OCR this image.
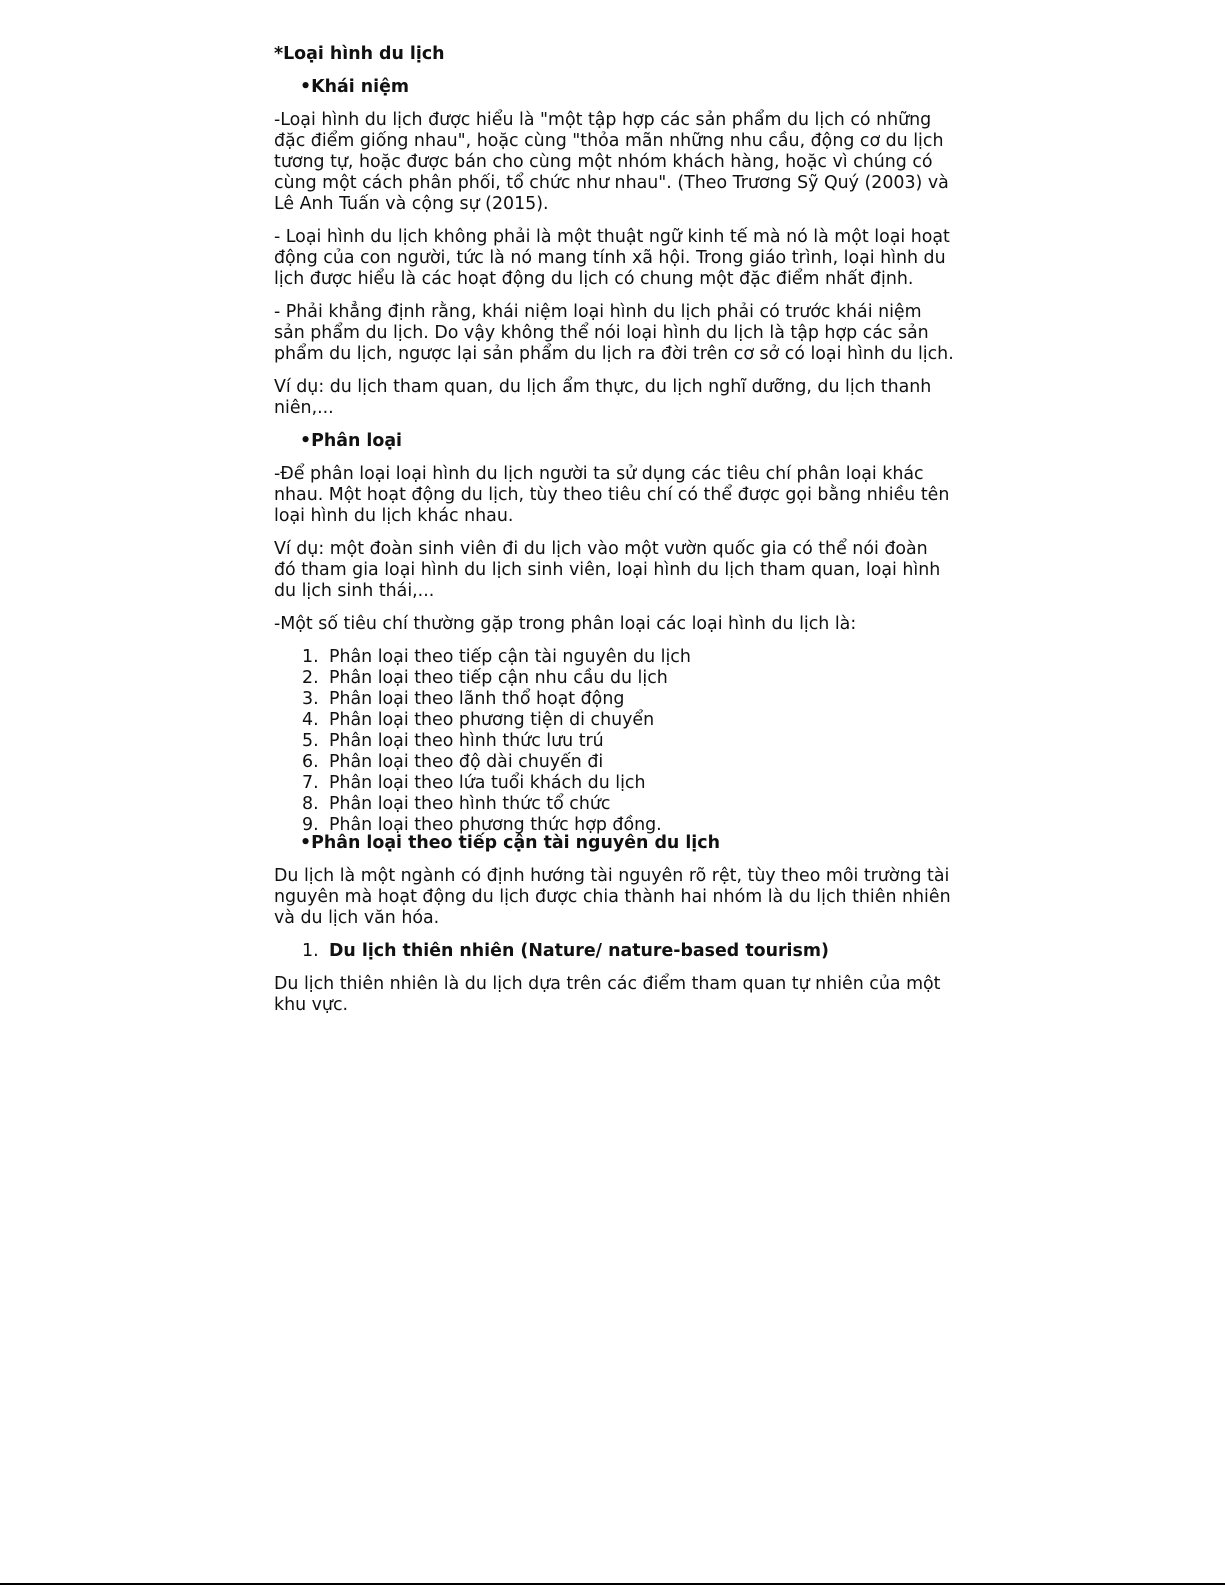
*Loại hình du lịch
•Khái niệm

-Loại hình du lịch được hiểu là "một tập hợp các sản phẩm du lịch có những đặc điểm giống nhau", hoặc cùng "thỏa mãn những nhu cầu, động cơ du lịch tương tự, hoặc được bán cho cùng một nhóm khách hàng, hoặc vì chúng có cùng một cách phân phối, tổ chức như nhau". (Theo Trương Sỹ Quý (2003) và Lê Anh Tuấn và cộng sự (2015).

- Loại hình du lịch không phải là một thuật ngữ kinh tế mà nó là một loại hoạt động của con người, tức là nó mang tính xã hội. Trong giáo trình, loại hình du lịch được hiểu là các hoạt động du lịch có chung một đặc điểm nhất định.

- Phải khẳng định rằng, khái niệm loại hình du lịch phải có trước khái niệm sản phẩm du lịch. Do vậy không thể nói loại hình du lịch là tập hợp các sản phẩm du lịch, ngược lại sản phẩm du lịch ra đời trên cơ sở có loại hình du lịch.

Ví dụ: du lịch tham quan, du lịch ẩm thực, du lịch nghĩ dưỡng, du lịch thanh niên,...

•Phân loại

-Để phân loại loại hình du lịch người ta sử dụng các tiêu chí phân loại khác nhau. Một hoạt động du lịch, tùy theo tiêu chí có thể được gọi bằng nhiều tên loại hình du lịch khác nhau.

Ví dụ: một đoàn sinh viên đi du lịch vào một vườn quốc gia có thể nói đoàn đó tham gia loại hình du lịch sinh viên, loại hình du lịch tham quan, loại hình du lịch sinh thái,...

-Một số tiêu chí thường gặp trong phân loại các loại hình du lịch là:

1. Phân loại theo tiếp cận tài nguyên du lịch
2. Phân loại theo tiếp cận nhu cầu du lịch
3. Phân loại theo lãnh thổ hoạt động
4. Phân loại theo phương tiện di chuyển
5. Phân loại theo hình thức lưu trú
6. Phân loại theo độ dài chuyến đi
7. Phân loại theo lứa tuổi khách du lịch
8. Phân loại theo hình thức tổ chức
9. Phân loại theo phương thức hợp đồng.
•Phân loại theo tiếp cận tài nguyên du lịch

Du lịch là một ngành có định hướng tài nguyên rõ rệt, tùy theo môi trường tài nguyên mà hoạt động du lịch được chia thành hai nhóm là du lịch thiên nhiên và du lịch văn hóa.

1. Du lịch thiên nhiên (Nature/ nature-based tourism)

Du lịch thiên nhiên là du lịch dựa trên các điểm tham quan tự nhiên của một khu vực.
